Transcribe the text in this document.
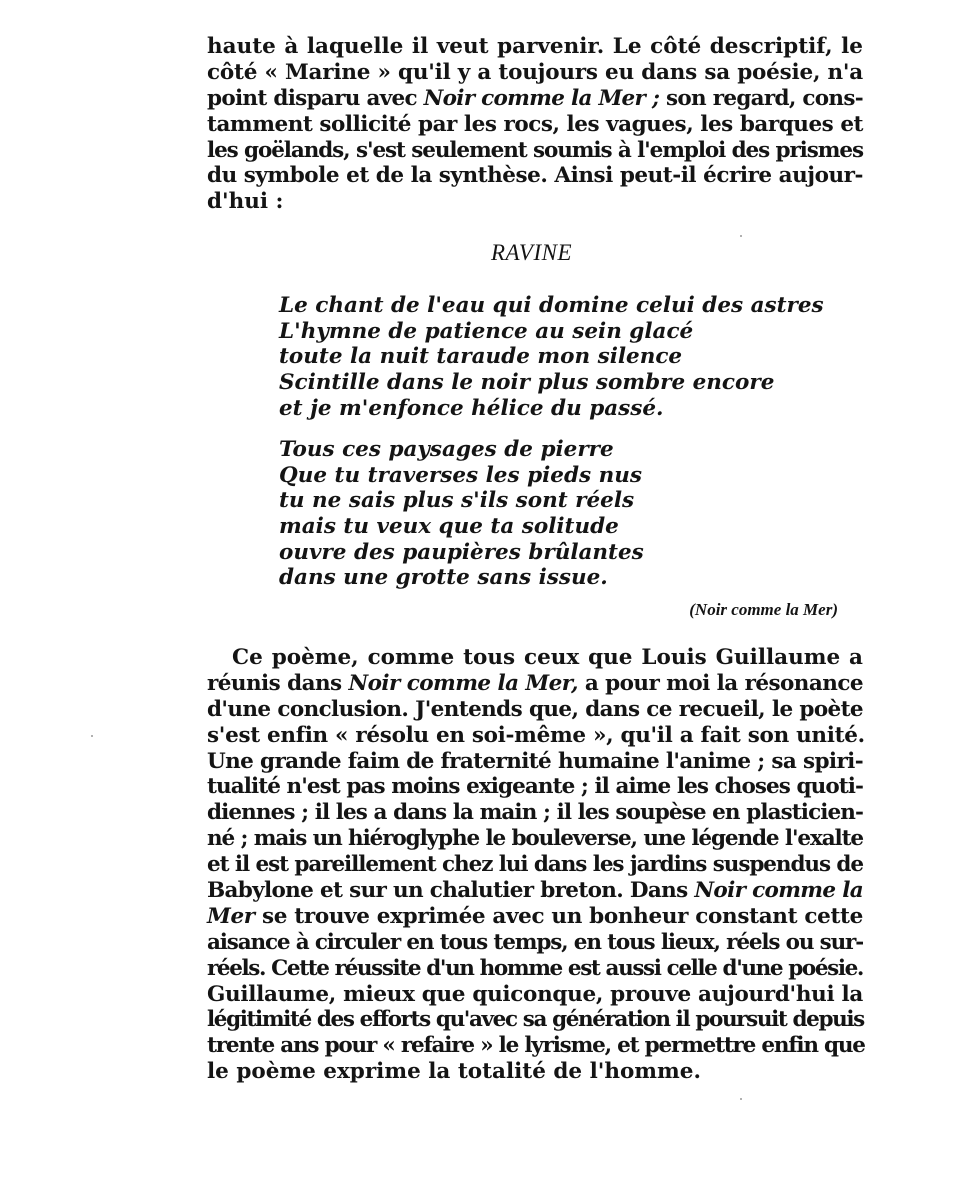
haute à laquelle il veut parvenir. Le côté descriptif, le
côté « Marine » qu'il y a toujours eu dans sa poésie, n'a
point disparu avec Noir comme la Mer ; son regard, cons-
tamment sollicité par les rocs, les vagues, les barques et
les goëlands, s'est seulement soumis à l'emploi des prismes
du symbole et de la synthèse. Ainsi peut-il écrire aujour-
d'hui :
RAVINE
Le chant de l'eau qui domine celui des astres
L'hymne de patience au sein glacé
toute la nuit taraude mon silence
Scintille dans le noir plus sombre encore
et je m'enfonce hélice du passé.
Tous ces paysages de pierre
Que tu traverses les pieds nus
tu ne sais plus s'ils sont réels
mais tu veux que ta solitude
ouvre des paupières brûlantes
dans une grotte sans issue.
(Noir comme la Mer)
Ce poème, comme tous ceux que Louis Guillaume a
réunis dans Noir comme la Mer, a pour moi la résonance
d'une conclusion. J'entends que, dans ce recueil, le poète
s'est enfin « résolu en soi-même », qu'il a fait son unité.
Une grande faim de fraternité humaine l'anime ; sa spiri-
tualité n'est pas moins exigeante ; il aime les choses quoti-
diennes ; il les a dans la main ; il les soupèse en plasticien-
né ; mais un hiéroglyphe le bouleverse, une légende l'exalte
et il est pareillement chez lui dans les jardins suspendus de
Babylone et sur un chalutier breton. Dans Noir comme la
Mer se trouve exprimée avec un bonheur constant cette
aisance à circuler en tous temps, en tous lieux, réels ou sur-
réels. Cette réussite d'un homme est aussi celle d'une poésie.
Guillaume, mieux que quiconque, prouve aujourd'hui la
légitimité des efforts qu'avec sa génération il poursuit depuis
trente ans pour « refaire » le lyrisme, et permettre enfin que
le poème exprime la totalité de l'homme.
